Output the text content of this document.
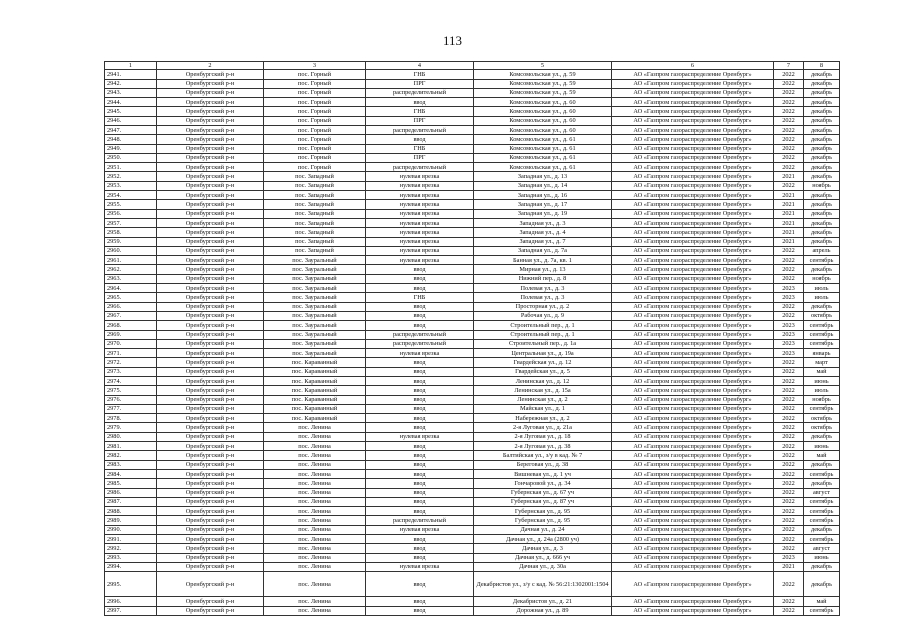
113
1	2	3	4	5	6	7	8
2941.	Оренбургский р-н	пос. Горный	ГНБ	Комсомольская ул., д. 59	АО «Газпром газораспределение Оренбург»	2022	декабрь
2942.	Оренбургский р-н	пос. Горный	ПРГ	Комсомольская ул., д. 59	АО «Газпром газораспределение Оренбург»	2022	декабрь
2943.	Оренбургский р-н	пос. Горный	распределительный	Комсомольская ул., д. 59	АО «Газпром газораспределение Оренбург»	2022	декабрь
2944.	Оренбургский р-н	пос. Горный	ввод	Комсомольская ул., д. 60	АО «Газпром газораспределение Оренбург»	2022	декабрь
2945.	Оренбургский р-н	пос. Горный	ГНБ	Комсомольская ул., д. 60	АО «Газпром газораспределение Оренбург»	2022	декабрь
2946.	Оренбургский р-н	пос. Горный	ПРГ	Комсомольская ул., д. 60	АО «Газпром газораспределение Оренбург»	2022	декабрь
2947.	Оренбургский р-н	пос. Горный	распределительный	Комсомольская ул., д. 60	АО «Газпром газораспределение Оренбург»	2022	декабрь
2948.	Оренбургский р-н	пос. Горный	ввод	Комсомольская ул., д. 61	АО «Газпром газораспределение Оренбург»	2022	декабрь
2949.	Оренбургский р-н	пос. Горный	ГНБ	Комсомольская ул., д. 61	АО «Газпром газораспределение Оренбург»	2022	декабрь
2950.	Оренбургский р-н	пос. Горный	ПРГ	Комсомольская ул., д. 61	АО «Газпром газораспределение Оренбург»	2022	декабрь
2951.	Оренбургский р-н	пос. Горный	распределительный	Комсомольская ул., д. 61	АО «Газпром газораспределение Оренбург»	2022	декабрь
2952.	Оренбургский р-н	пос. Западный	нулевая врезка	Западная ул., д. 13	АО «Газпром газораспределение Оренбург»	2021	декабрь
2953.	Оренбургский р-н	пос. Западный	нулевая врезка	Западная ул., д. 14	АО «Газпром газораспределение Оренбург»	2022	ноябрь
2954.	Оренбургский р-н	пос. Западный	нулевая врезка	Западная ул., д. 16	АО «Газпром газораспределение Оренбург»	2021	декабрь
2955.	Оренбургский р-н	пос. Западный	нулевая врезка	Западная ул., д. 17	АО «Газпром газораспределение Оренбург»	2021	декабрь
2956.	Оренбургский р-н	пос. Западный	нулевая врезка	Западная ул., д. 19	АО «Газпром газораспределение Оренбург»	2021	декабрь
2957.	Оренбургский р-н	пос. Западный	нулевая врезка	Западная ул., д. 3	АО «Газпром газораспределение Оренбург»	2021	декабрь
2958.	Оренбургский р-н	пос. Западный	нулевая врезка	Западная ул., д. 4	АО «Газпром газораспределение Оренбург»	2021	декабрь
2959.	Оренбургский р-н	пос. Западный	нулевая врезка	Западная ул., д. 7	АО «Газпром газораспределение Оренбург»	2021	декабрь
2960.	Оренбургский р-н	пос. Западный	нулевая врезка	Западная ул., д. 7а	АО «Газпром газораспределение Оренбург»	2022	апрель
2961.	Оренбургский р-н	пос. Зауральный	нулевая врезка	Банная ул., д. 7а, кв. 1	АО «Газпром газораспределение Оренбург»	2022	сентябрь
2962.	Оренбургский р-н	пос. Зауральный	ввод	Мирная ул., д. 13	АО «Газпром газораспределение Оренбург»	2022	декабрь
2963.	Оренбургский р-н	пос. Зауральный	ввод	Нижний пер., д. 8	АО «Газпром газораспределение Оренбург»	2022	ноябрь
2964.	Оренбургский р-н	пос. Зауральный	ввод	Полевая ул., д. 3	АО «Газпром газораспределение Оренбург»	2023	июль
2965.	Оренбургский р-н	пос. Зауральный	ГНБ	Полевая ул., д. 3	АО «Газпром газораспределение Оренбург»	2023	июль
2966.	Оренбургский р-н	пос. Зауральный	ввод	Просторная ул., д. 2	АО «Газпром газораспределение Оренбург»	2022	декабрь
2967.	Оренбургский р-н	пос. Зауральный	ввод	Рабочая ул., д. 9	АО «Газпром газораспределение Оренбург»	2022	октябрь
2968.	Оренбургский р-н	пос. Зауральный	ввод	Строительный пер., д. 1	АО «Газпром газораспределение Оренбург»	2023	сентябрь
2969.	Оренбургский р-н	пос. Зауральный	распределительный	Строительный пер., д. 1	АО «Газпром газораспределение Оренбург»	2023	сентябрь
2970.	Оренбургский р-н	пос. Зауральный	распределительный	Строительный пер., д. 1а	АО «Газпром газораспределение Оренбург»	2023	сентябрь
2971.	Оренбургский р-н	пос. Зауральный	нулевая врезка	Центральная ул., д. 19а	АО «Газпром газораспределение Оренбург»	2023	январь
2972.	Оренбургский р-н	пос. Караванный	ввод	Гвардейская ул., д. 12	АО «Газпром газораспределение Оренбург»	2022	март
2973.	Оренбургский р-н	пос. Караванный	ввод	Гвардейская ул., д. 5	АО «Газпром газораспределение Оренбург»	2022	май
2974.	Оренбургский р-н	пос. Караванный	ввод	Ленинская ул., д. 12	АО «Газпром газораспределение Оренбург»	2022	июнь
2975.	Оренбургский р-н	пос. Караванный	ввод	Ленинская ул., д. 15а	АО «Газпром газораспределение Оренбург»	2022	июль
2976.	Оренбургский р-н	пос. Караванный	ввод	Ленинская ул., д. 2	АО «Газпром газораспределение Оренбург»	2022	ноябрь
2977.	Оренбургский р-н	пос. Караванный	ввод	Майская ул., д. 1	АО «Газпром газораспределение Оренбург»	2022	сентябрь
2978.	Оренбургский р-н	пос. Караванный	ввод	Набережная ул., д. 2	АО «Газпром газораспределение Оренбург»	2022	октябрь
2979.	Оренбургский р-н	пос. Ленина	ввод	2-я Луговая ул., д. 21а	АО «Газпром газораспределение Оренбург»	2022	октябрь
2980.	Оренбургский р-н	пос. Ленина	нулевая врезка	2-я Луговая ул., д. 18	АО «Газпром газораспределение Оренбург»	2022	декабрь
2981.	Оренбургский р-н	пос. Ленина	ввод	2-я Луговая ул., д. 38	АО «Газпром газораспределение Оренбург»	2022	июнь
2982.	Оренбургский р-н	пос. Ленина	ввод	Балтийская ул., з/у в кад. № 7	АО «Газпром газораспределение Оренбург»	2022	май
2983.	Оренбургский р-н	пос. Ленина	ввод	Береговая ул., д. 38	АО «Газпром газораспределение Оренбург»	2022	декабрь
2984.	Оренбургский р-н	пос. Ленина	ввод	Вишневая ул., д. 1 уч	АО «Газпром газораспределение Оренбург»	2022	сентябрь
2985.	Оренбургский р-н	пос. Ленина	ввод	Гончаровой ул., д. 34	АО «Газпром газораспределение Оренбург»	2022	декабрь
2986.	Оренбургский р-н	пос. Ленина	ввод	Губернская ул., д. 67 уч	АО «Газпром газораспределение Оренбург»	2022	август
2987.	Оренбургский р-н	пос. Ленина	ввод	Губернская ул., д. 87 уч	АО «Газпром газораспределение Оренбург»	2022	сентябрь
2988.	Оренбургский р-н	пос. Ленина	ввод	Губернская ул., д. 95	АО «Газпром газораспределение Оренбург»	2022	сентябрь
2989.	Оренбургский р-н	пос. Ленина	распределительный	Губернская ул., д. 95	АО «Газпром газораспределение Оренбург»	2022	сентябрь
2990.	Оренбургский р-н	пос. Ленина	нулевая врезка	Дачная ул., д. 24	АО «Газпром газораспределение Оренбург»	2022	декабрь
2991.	Оренбургский р-н	пос. Ленина	ввод	Дачная ул., д. 24а (2800 уч)	АО «Газпром газораспределение Оренбург»	2022	сентябрь
2992.	Оренбургский р-н	пос. Ленина	ввод	Дачная ул., д. 3	АО «Газпром газораспределение Оренбург»	2022	август
2993.	Оренбургский р-н	пос. Ленина	ввод	Дачная ул., д. 666 уч	АО «Газпром газораспределение Оренбург»	2023	июнь
2994.	Оренбургский р-н	пос. Ленина	нулевая врезка	Дачная ул., д. 30а	АО «Газпром газораспределение Оренбург»	2021	декабрь
2995.	Оренбургский р-н	пос. Ленина	ввод	Декабристов ул., з/у с кад. № 56:21:1302001:1504	АО «Газпром газораспределение Оренбург»	2022	декабрь
2996.	Оренбургский р-н	пос. Ленина	ввод	Декабристов ул., д. 21	АО «Газпром газораспределение Оренбург»	2022	май
2997.	Оренбургский р-н	пос. Ленина	ввод	Дорожная ул., д. 89	АО «Газпром газораспределение Оренбург»	2022	сентябрь
